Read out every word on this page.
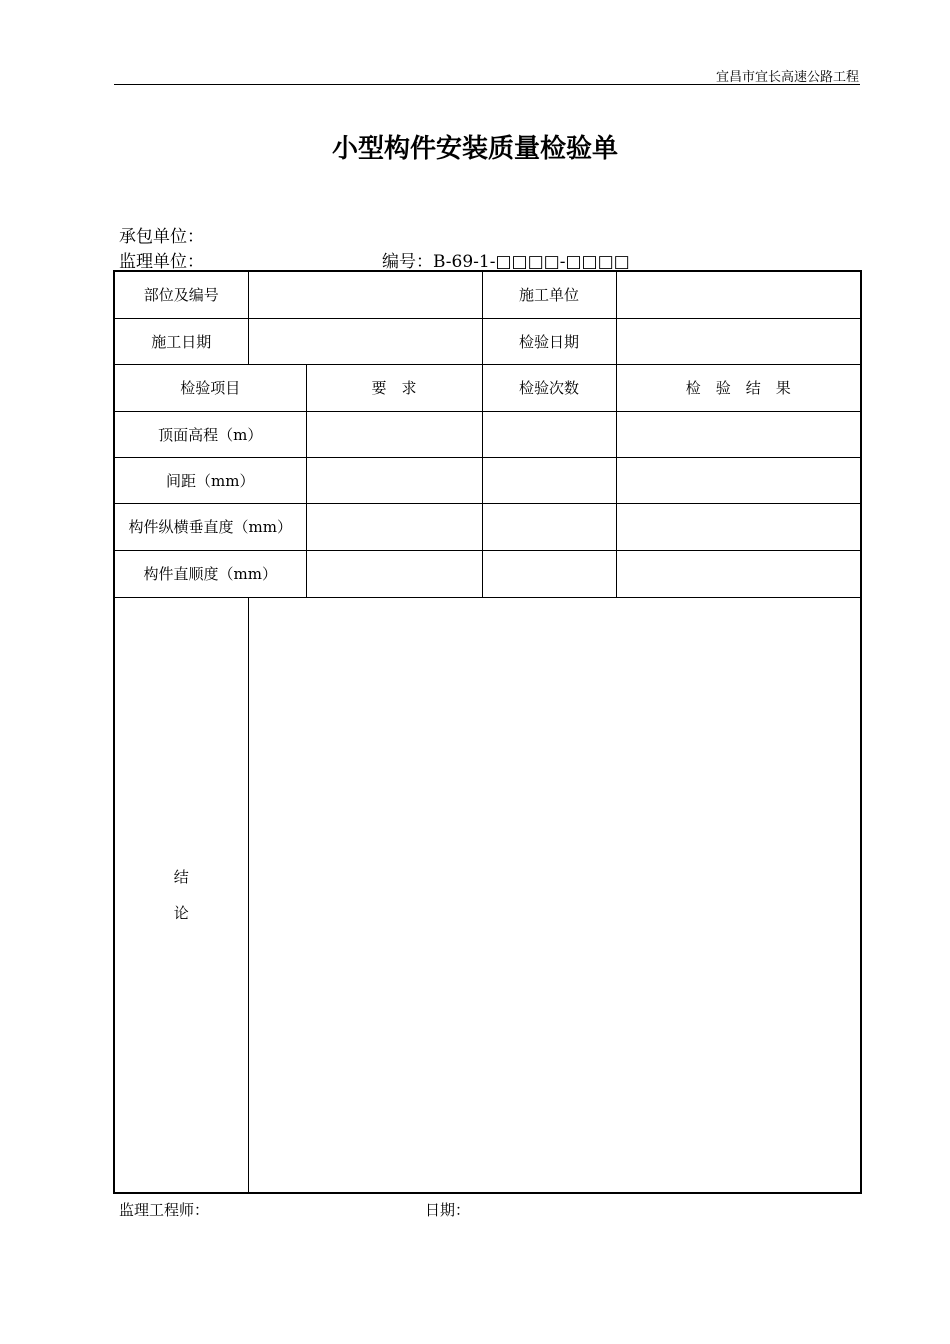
宜昌市宜长高速公路工程
小型构件安装质量检验单
承包单位：
监理单位：	编号：B-69-1-□□□□-□□□□
部位及编号			施工单位	
施工日期			检验日期	
检验项目		要　求	检验次数	检　验　结　果
顶面高程（m）				
间距（mm）				
构件纵横垂直度（mm）				
构件直顺度（mm）				

结
论				

监理工程师：	日期：
